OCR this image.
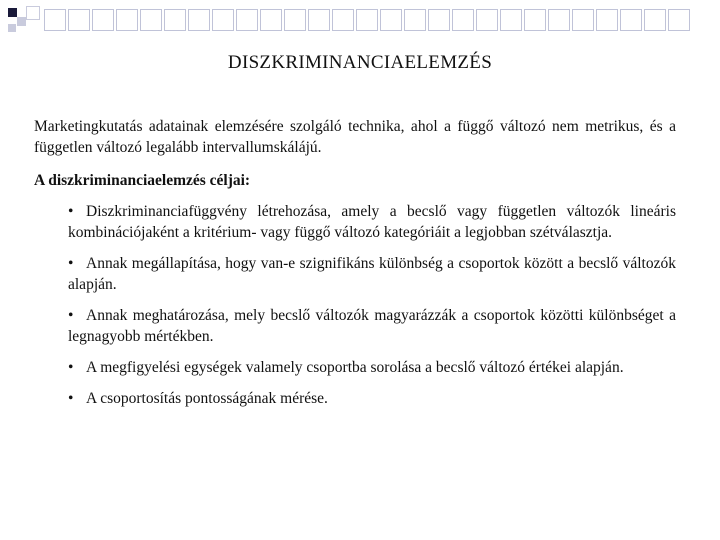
DISZKRIMINANCIAELEMZÉS

Marketingkutatás adatainak elemzésére szolgáló technika, ahol a függő változó nem metrikus, és a független változó legalább intervallumskálájú.

A diszkriminanciaelemzés céljai:

• Diszkriminanciafüggvény létrehozása, amely a becslő vagy független változók lineáris kombinációjaként a kritérium- vagy függő változó kategóriáit a legjobban szétválasztja.
• Annak megállapítása, hogy van-e szignifikáns különbség a csoportok között a becslő változók alapján.
• Annak meghatározása, mely becslő változók magyarázzák a csoportok közötti különbséget a legnagyobb mértékben.
• A megfigyelési egységek valamely csoportba sorolása a becslő változó értékei alapján.
• A csoportosítás pontosságának mérése.
